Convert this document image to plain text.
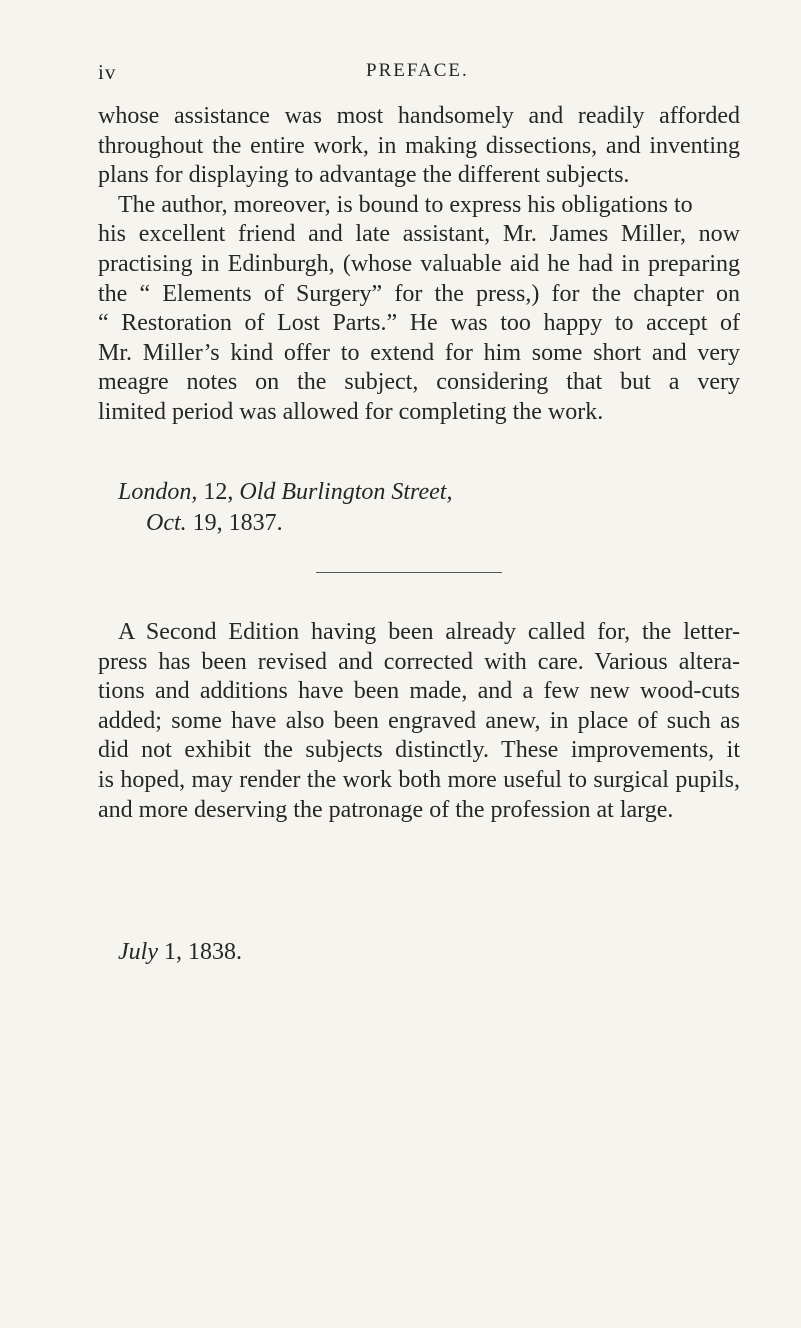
iv	PREFACE.
whose assistance was most handsomely and readily afforded
throughout the entire work, in making dissections, and inventing
plans for displaying to advantage the different subjects.
The author, moreover, is bound to express his obligations to
his excellent friend and late assistant, Mr. James Miller, now
practising in Edinburgh, (whose valuable aid he had in preparing
the “ Elements of Surgery” for the press,) for the chapter on
“ Restoration of Lost Parts.” He was too happy to accept of
Mr. Miller’s kind offer to extend for him some short and very
meagre notes on the subject, considering that but a very
limited period was allowed for completing the work.
London, 12, Old Burlington Street,
Oct. 19, 1837.
A Second Edition having been already called for, the letter-
press has been revised and corrected with care. Various altera-
tions and additions have been made, and a few new wood-cuts
added; some have also been engraved anew, in place of such as
did not exhibit the subjects distinctly. These improvements, it
is hoped, may render the work both more useful to surgical pupils,
and more deserving the patronage of the profession at large.
July 1, 1838.
